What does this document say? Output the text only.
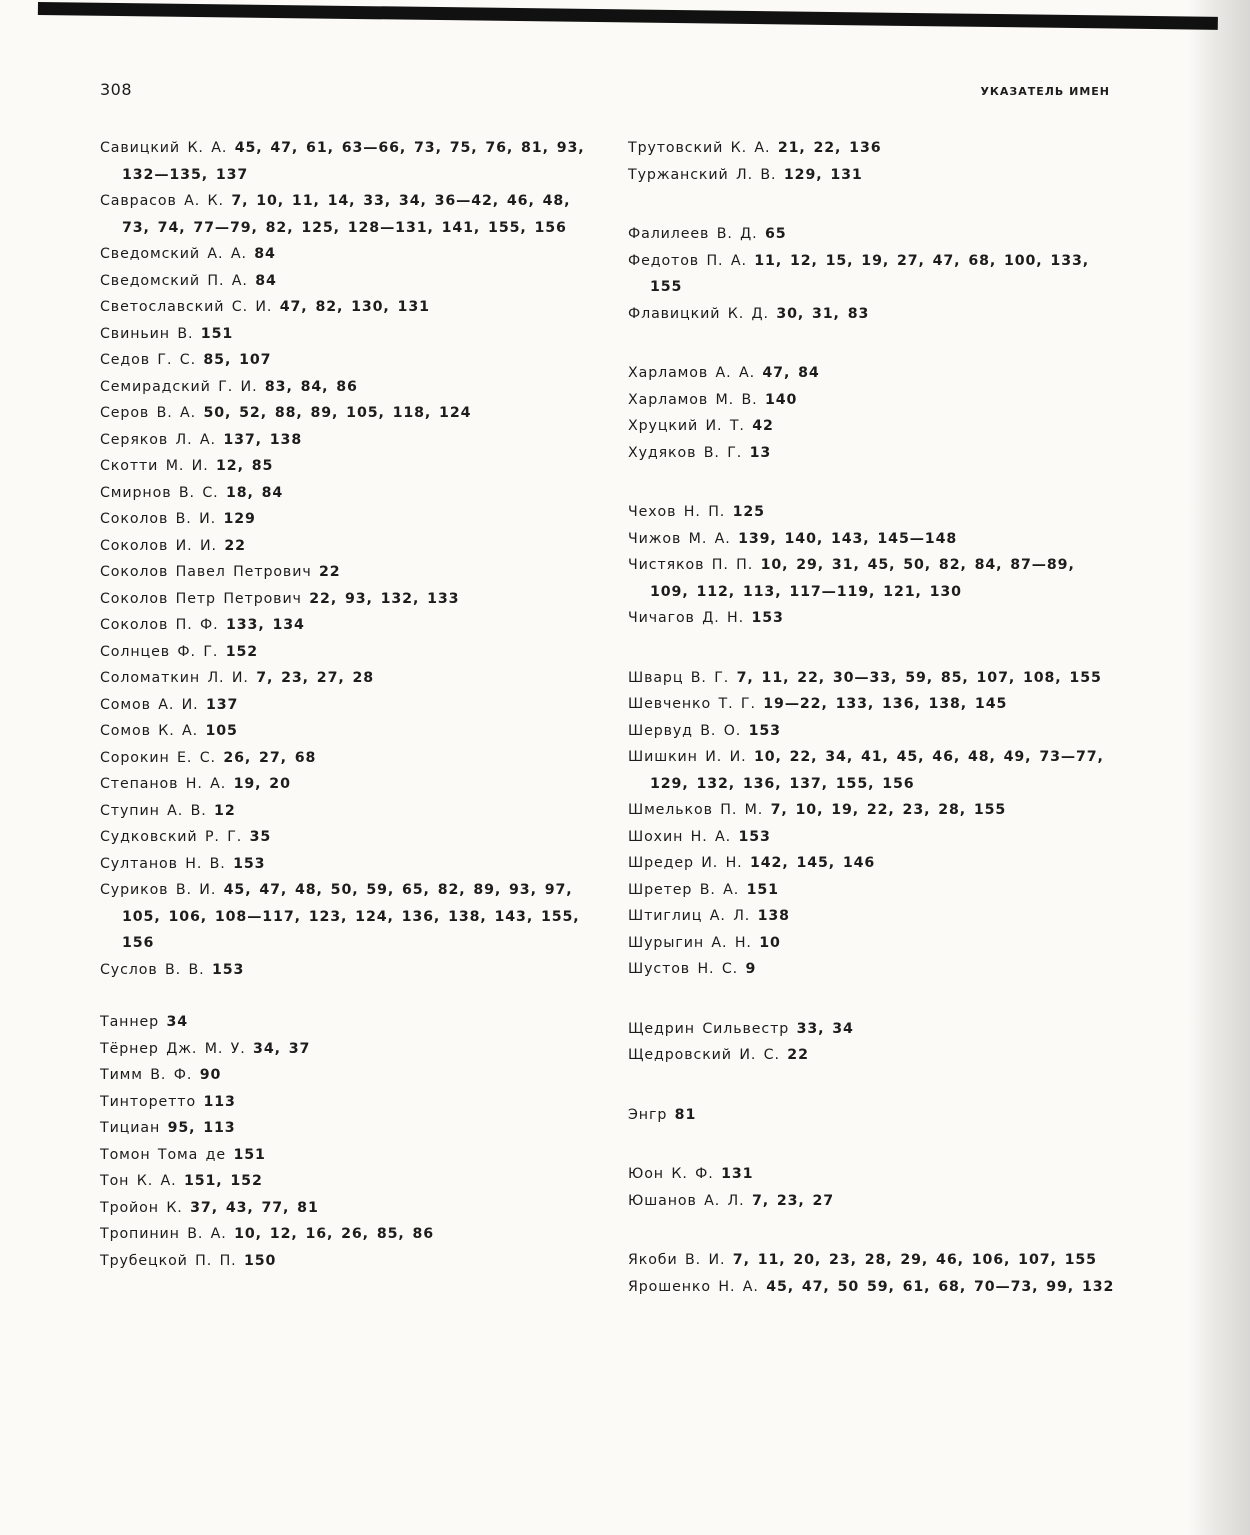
308	УКАЗАТЕЛЬ ИМЕН
Савицкий К. А. 45, 47, 61, 63—66, 73, 75, 76, 81, 93, 132—135, 137
Саврасов А. К. 7, 10, 11, 14, 33, 34, 36—42, 46, 48, 73, 74, 77—79, 82, 125, 128—131, 141, 155, 156
Сведомский А. А. 84
Сведомский П. А. 84
Светославский С. И. 47, 82, 130, 131
Свиньин В. 151
Седов Г. С. 85, 107
Семирадский Г. И. 83, 84, 86
Серов В. А. 50, 52, 88, 89, 105, 118, 124
Серяков Л. А. 137, 138
Скотти М. И. 12, 85
Смирнов В. С. 18, 84
Соколов В. И. 129
Соколов И. И. 22
Соколов Павел Петрович 22
Соколов Петр Петрович 22, 93, 132, 133
Соколов П. Ф. 133, 134
Солнцев Ф. Г. 152
Соломаткин Л. И. 7, 23, 27, 28
Сомов А. И. 137
Сомов К. А. 105
Сорокин Е. С. 26, 27, 68
Степанов Н. А. 19, 20
Ступин А. В. 12
Судковский Р. Г. 35
Султанов Н. В. 153
Суриков В. И. 45, 47, 48, 50, 59, 65, 82, 89, 93, 97, 105, 106, 108—117, 123, 124, 136, 138, 143, 155, 156
Суслов В. В. 153
Таннер 34
Тёрнер Дж. М. У. 34, 37
Тимм В. Ф. 90
Тинторетто 113
Тициан 95, 113
Томон Тома де 151
Тон К. А. 151, 152
Тройон К. 37, 43, 77, 81
Тропинин В. А. 10, 12, 16, 26, 85, 86
Трубецкой П. П. 150
Трутовский К. А. 21, 22, 136
Туржанский Л. В. 129, 131
Фалилеев В. Д. 65
Федотов П. А. 11, 12, 15, 19, 27, 47, 68, 100, 133, 155
Флавицкий К. Д. 30, 31, 83
Харламов А. А. 47, 84
Харламов М. В. 140
Хруцкий И. Т. 42
Худяков В. Г. 13
Чехов Н. П. 125
Чижов М. А. 139, 140, 143, 145—148
Чистяков П. П. 10, 29, 31, 45, 50, 82, 84, 87—89, 109, 112, 113, 117—119, 121, 130
Чичагов Д. Н. 153
Шварц В. Г. 7, 11, 22, 30—33, 59, 85, 107, 108, 155
Шевченко Т. Г. 19—22, 133, 136, 138, 145
Шервуд В. О. 153
Шишкин И. И. 10, 22, 34, 41, 45, 46, 48, 49, 73—77, 129, 132, 136, 137, 155, 156
Шмельков П. М. 7, 10, 19, 22, 23, 28, 155
Шохин Н. А. 153
Шредер И. Н. 142, 145, 146
Шретер В. А. 151
Штиглиц А. Л. 138
Шурыгин А. Н. 10
Шустов Н. С. 9
Щедрин Сильвестр 33, 34
Щедровский И. С. 22
Энгр 81
Юон К. Ф. 131
Юшанов А. Л. 7, 23, 27
Якоби В. И. 7, 11, 20, 23, 28, 29, 46, 106, 107, 155
Ярошенко Н. А. 45, 47, 50 59, 61, 68, 70—73, 99, 132
